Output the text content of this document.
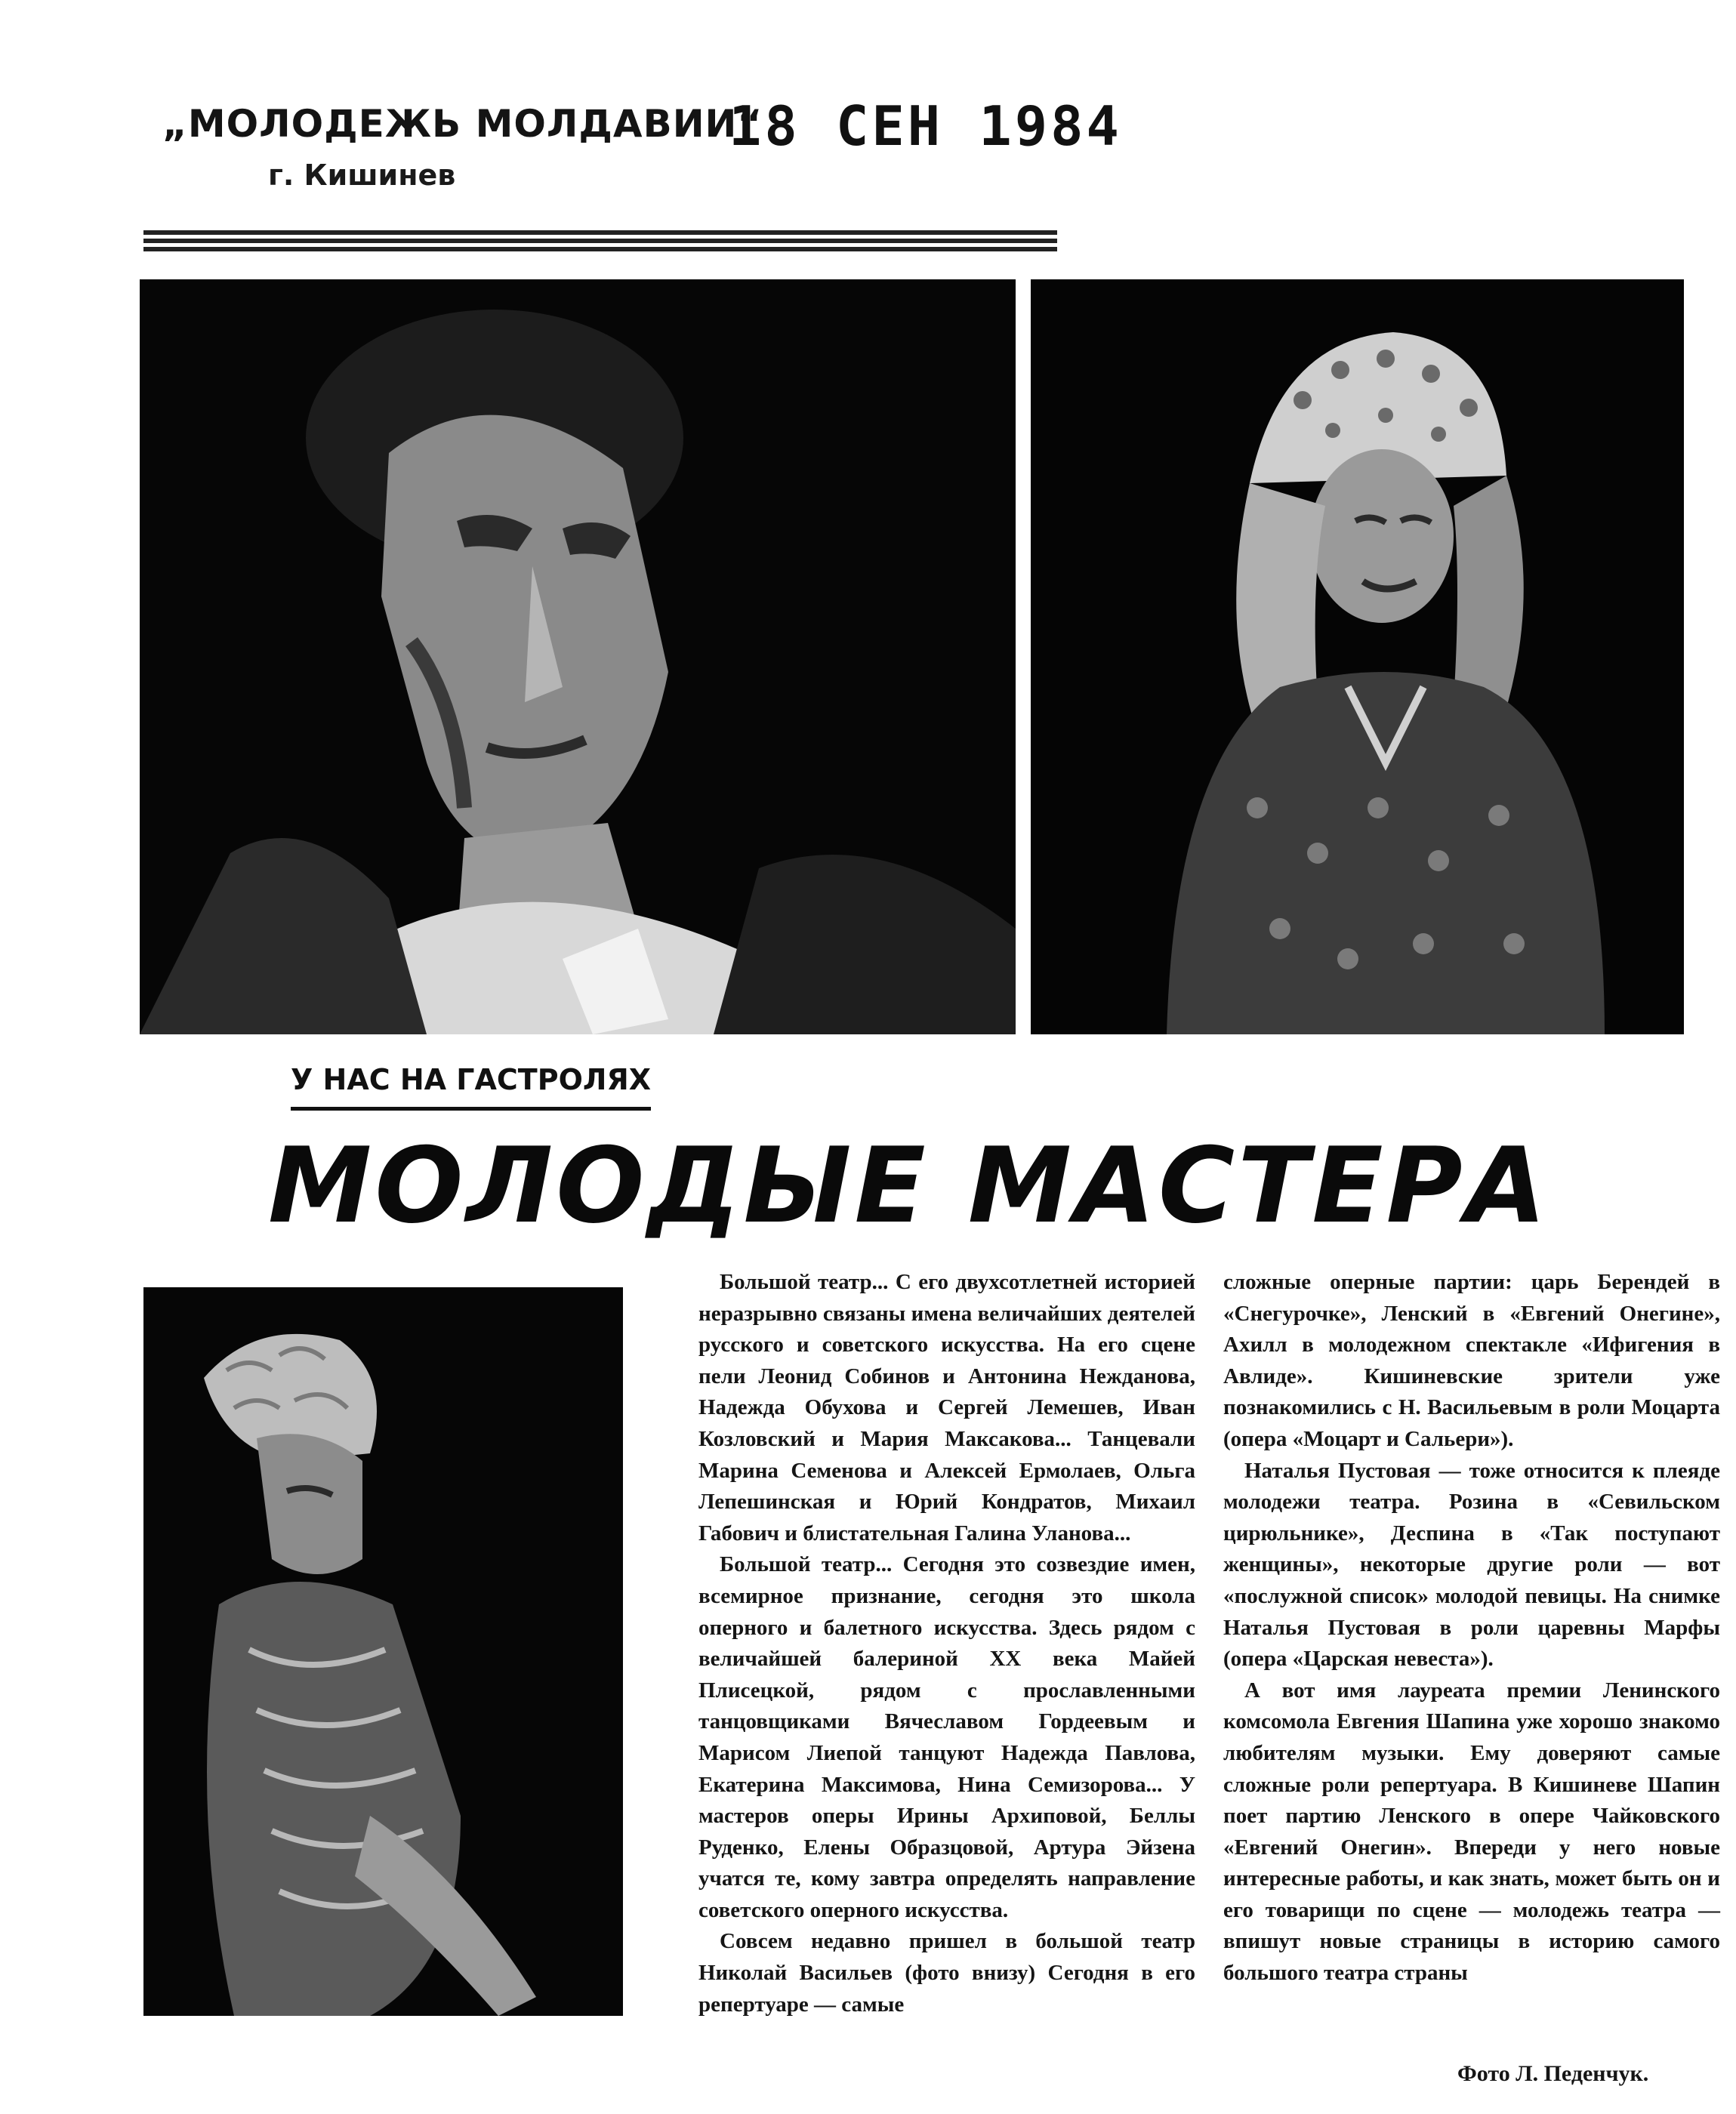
„МОЛОДЕЖЬ МОЛДАВИИ“
г. Кишинев
18 СЕН 1984
У НАС НА ГАСТРОЛЯХ
МОЛОДЫЕ МАСТЕРА

Большой театр... С его двухсотлетней историей неразрывно связаны имена величайших деятелей русского и советского искусства. На его сцене пели Леонид Собинов и Антонина Нежданова, Надежда Обухова и Сергей Лемешев, Иван Козловский и Мария Максакова... Танцевали Марина Семенова и Алексей Ермолаев, Ольга Лепешинская и Юрий Кондратов, Михаил Габович и блистательная Галина Уланова...

Большой театр... Сегодня это созвездие имен, всемирное признание, сегодня это школа оперного и балетного искусства. Здесь рядом с величайшей балериной XX века Майей Плисецкой, рядом с прославленными танцовщиками Вячеславом Гордеевым и Марисом Лиепой танцуют Надежда Павлова, Екатерина Максимова, Нина Семизорова... У мастеров оперы Ирины Архиповой, Беллы Руденко, Елены Образцовой, Артура Эйзена учатся те, кому завтра определять направление советского оперного искусства.

Совсем недавно пришел в большой театр Николай Васильев (фото внизу) Сегодня в его репертуаре — самые

сложные оперные партии: царь Берендей в «Снегурочке», Ленский в «Евгений Онегине», Ахилл в молодежном спектакле «Ифигения в Авлиде». Кишиневские зрители уже познакомились с Н. Васильевым в роли Моцарта (опера «Моцарт и Сальери»).

Наталья Пустовая — тоже относится к плеяде молодежи театра. Розина в «Севильском цирюльнике», Деспина в «Так поступают женщины», некоторые другие роли — вот «послужной список» молодой певицы. На снимке Наталья Пустовая в роли царевны Марфы (опера «Царская невеста»).

А вот имя лауреата премии Ленинского комсомола Евгения Шапина уже хорошо знакомо любителям музыки. Ему доверяют самые сложные роли репертуара. В Кишиневе Шапин поет партию Ленского в опере Чайковского «Евгений Онегин». Впереди у него новые интересные работы, и как знать, может быть он и его товарищи по сцене — молодежь театра — впишут новые страницы в историю самого большого театра страны

Фото Л. Педенчук.
